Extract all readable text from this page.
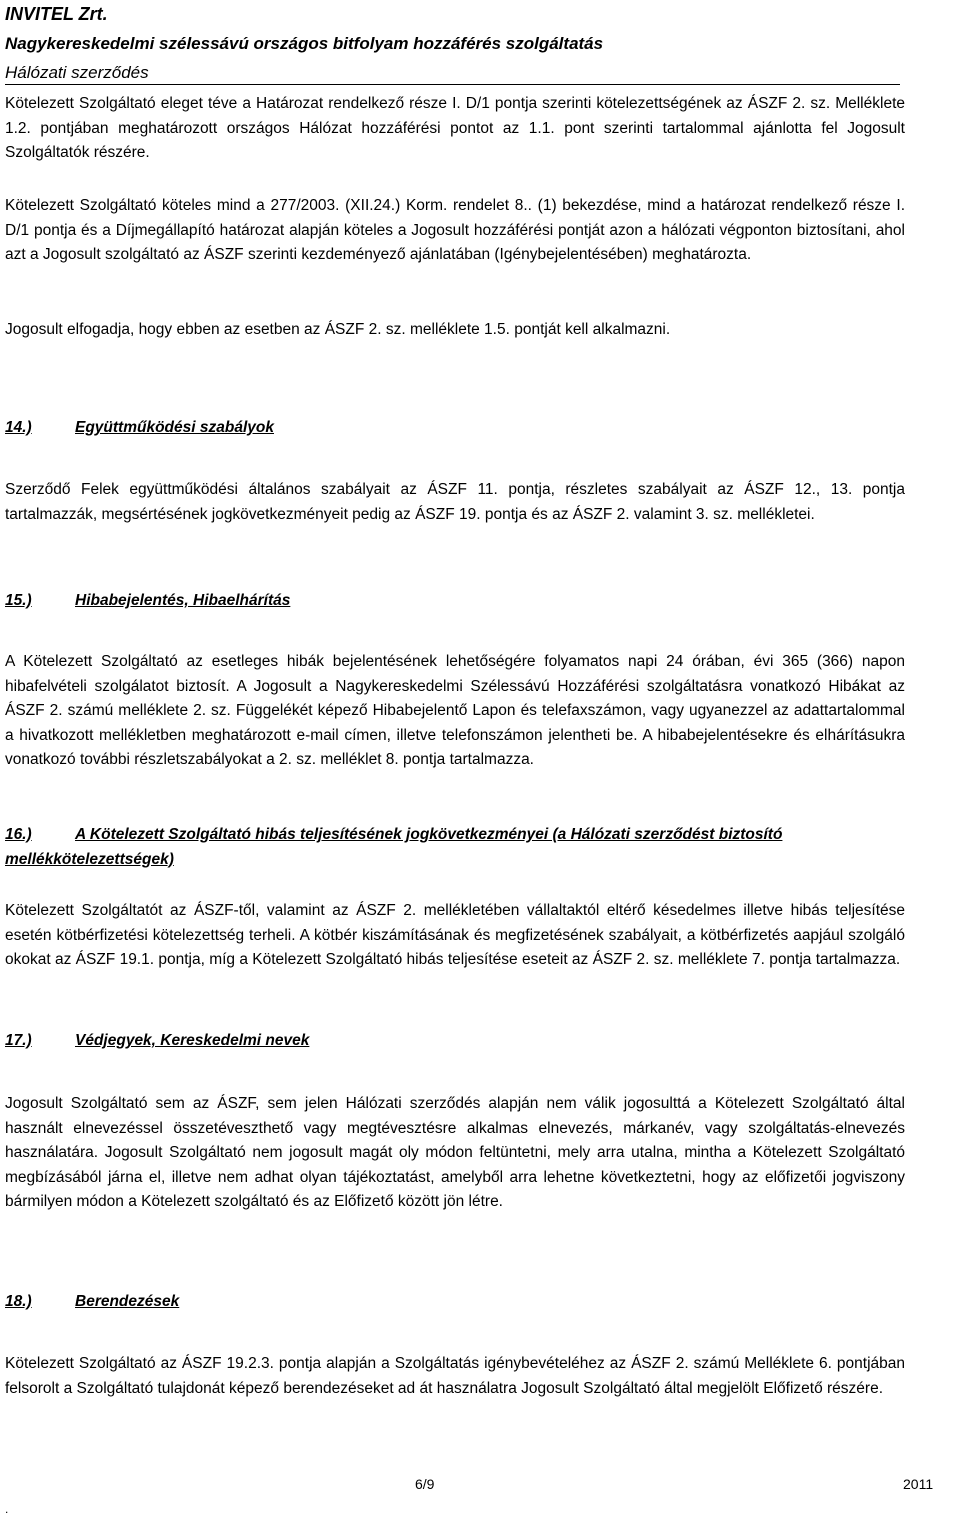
INVITEL Zrt.
Nagykereskedelmi szélessávú országos bitfolyam hozzáférés szolgáltatás
Hálózati szerződés
Kötelezett Szolgáltató eleget téve a Határozat rendelkező része I. D/1 pontja szerinti kötelezettségének az ÁSZF 2. sz. Melléklete 1.2. pontjában meghatározott országos Hálózat hozzáférési pontot az 1.1. pont szerinti tartalommal ajánlotta fel Jogosult Szolgáltatók részére.
Kötelezett Szolgáltató köteles mind a 277/2003. (XII.24.) Korm. rendelet 8.. (1) bekezdése, mind a határozat rendelkező része I. D/1 pontja és a Díjmegállapító határozat alapján köteles a Jogosult hozzáférési pontját azon a hálózati végponton biztosítani, ahol azt a Jogosult szolgáltató az ÁSZF szerinti kezdeményező ajánlatában (Igénybejelentésében) meghatározta.
Jogosult elfogadja, hogy ebben az esetben az ÁSZF 2. sz. melléklete 1.5. pontját kell alkalmazni.
14.)	Együttműködési szabályok
Szerződő Felek együttműködési általános szabályait az ÁSZF 11. pontja, részletes szabályait az ÁSZF 12., 13. pontja tartalmazzák, megsértésének jogkövetkezményeit pedig az ÁSZF 19. pontja és az ÁSZF 2. valamint 3. sz. mellékletei.
15.)	Hibabejelentés, Hibaelhárítás
A Kötelezett Szolgáltató az esetleges hibák bejelentésének lehetőségére folyamatos napi 24 órában, évi 365 (366) napon hibafelvételi szolgálatot biztosít. A Jogosult a Nagykereskedelmi Szélessávú Hozzáférési szolgáltatásra vonatkozó Hibákat az ÁSZF 2. számú melléklete 2. sz. Függelékét képező Hibabejelentő Lapon és telefaxszámon, vagy ugyanezzel az adattartalommal a hivatkozott mellékletben meghatározott e-mail címen, illetve telefonszámon jelentheti be. A hibabejelentésekre és elhárításukra vonatkozó további részletszabályokat a 2. sz. melléklet 8. pontja tartalmazza.
16.)	A Kötelezett Szolgáltató hibás teljesítésének jogkövetkezményei (a Hálózati szerződést biztosító mellékkötelezettségek)
Kötelezett Szolgáltatót az ÁSZF-től, valamint az ÁSZF 2. mellékletében vállaltaktól eltérő késedelmes illetve hibás teljesítése esetén kötbérfizetési kötelezettség terheli. A kötbér kiszámításának és megfizetésének szabályait, a kötbérfizetés aapjául szolgáló okokat az ÁSZF 19.1. pontja, míg a Kötelezett Szolgáltató hibás teljesítése eseteit az ÁSZF 2. sz. melléklete 7. pontja tartalmazza.
17.)	Védjegyek, Kereskedelmi nevek
Jogosult Szolgáltató sem az ÁSZF, sem jelen Hálózati szerződés alapján nem válik jogosulttá a Kötelezett Szolgáltató által használt elnevezéssel összetéveszthető vagy megtévesztésre alkalmas elnevezés, márkanév, vagy szolgáltatás-elnevezés használatára. Jogosult Szolgáltató nem jogosult magát oly módon feltüntetni, mely arra utalna, mintha a Kötelezett Szolgáltató megbízásából járna el, illetve nem adhat olyan tájékoztatást, amelyből arra lehetne következtetni, hogy az előfizetői jogviszony bármilyen módon a Kötelezett szolgáltató és az Előfizető között jön létre.
18.)	Berendezések
Kötelezett Szolgáltató az ÁSZF 19.2.3. pontja alapján a Szolgáltatás igénybevételéhez az ÁSZF 2. számú Melléklete 6. pontjában felsorolt a Szolgáltató tulajdonát képező berendezéseket ad át használatra Jogosult Szolgáltató által megjelölt Előfizető részére.
6/9	2011
.
